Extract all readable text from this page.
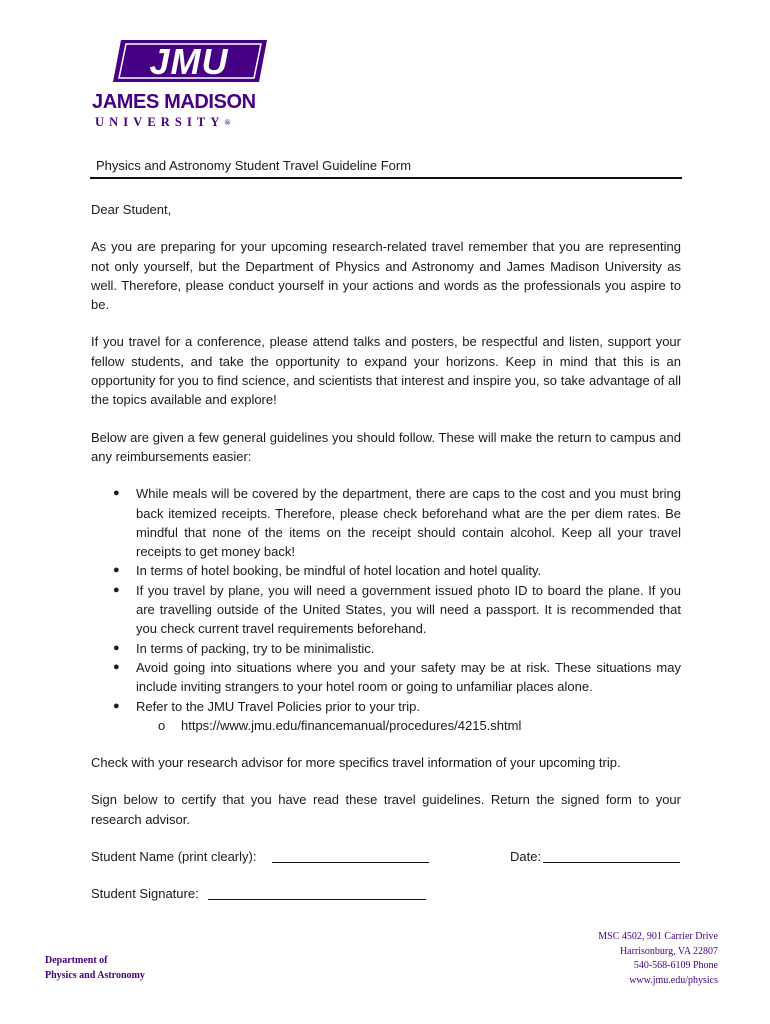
JMU
JAMES MADISON
UNIVERSITY®
Physics and Astronomy Student Travel Guideline Form

Dear Student,

As you are preparing for your upcoming research-related travel remember that you are representing not only yourself, but the Department of Physics and Astronomy and James Madison University as well. Therefore, please conduct yourself in your actions and words as the professionals you aspire to be.

If you travel for a conference, please attend talks and posters, be respectful and listen, support your fellow students, and take the opportunity to expand your horizons. Keep in mind that this is an opportunity for you to find science, and scientists that interest and inspire you, so take advantage of all the topics available and explore!

Below are given a few general guidelines you should follow. These will make the return to campus and any reimbursements easier:

● While meals will be covered by the department, there are caps to the cost and you must bring back itemized receipts. Therefore, please check beforehand what are the per diem rates. Be mindful that none of the items on the receipt should contain alcohol. Keep all your travel receipts to get money back!
● In terms of hotel booking, be mindful of hotel location and hotel quality.
● If you travel by plane, you will need a government issued photo ID to board the plane. If you are travelling outside of the United States, you will need a passport. It is recommended that you check current travel requirements beforehand.
● In terms of packing, try to be minimalistic.
● Avoid going into situations where you and your safety may be at risk. These situations may include inviting strangers to your hotel room or going to unfamiliar places alone.
● Refer to the JMU Travel Policies prior to your trip.
o https://www.jmu.edu/financemanual/procedures/4215.shtml

Check with your research advisor for more specifics travel information of your upcoming trip.

Sign below to certify that you have read these travel guidelines. Return the signed form to your research advisor.

Student Name (print clearly):	Date:
Student Signature:
Department of
Physics and Astronomy
MSC 4502, 901 Carrier Drive
Harrisonburg, VA 22807
540-568-6109 Phone
www.jmu.edu/physics
